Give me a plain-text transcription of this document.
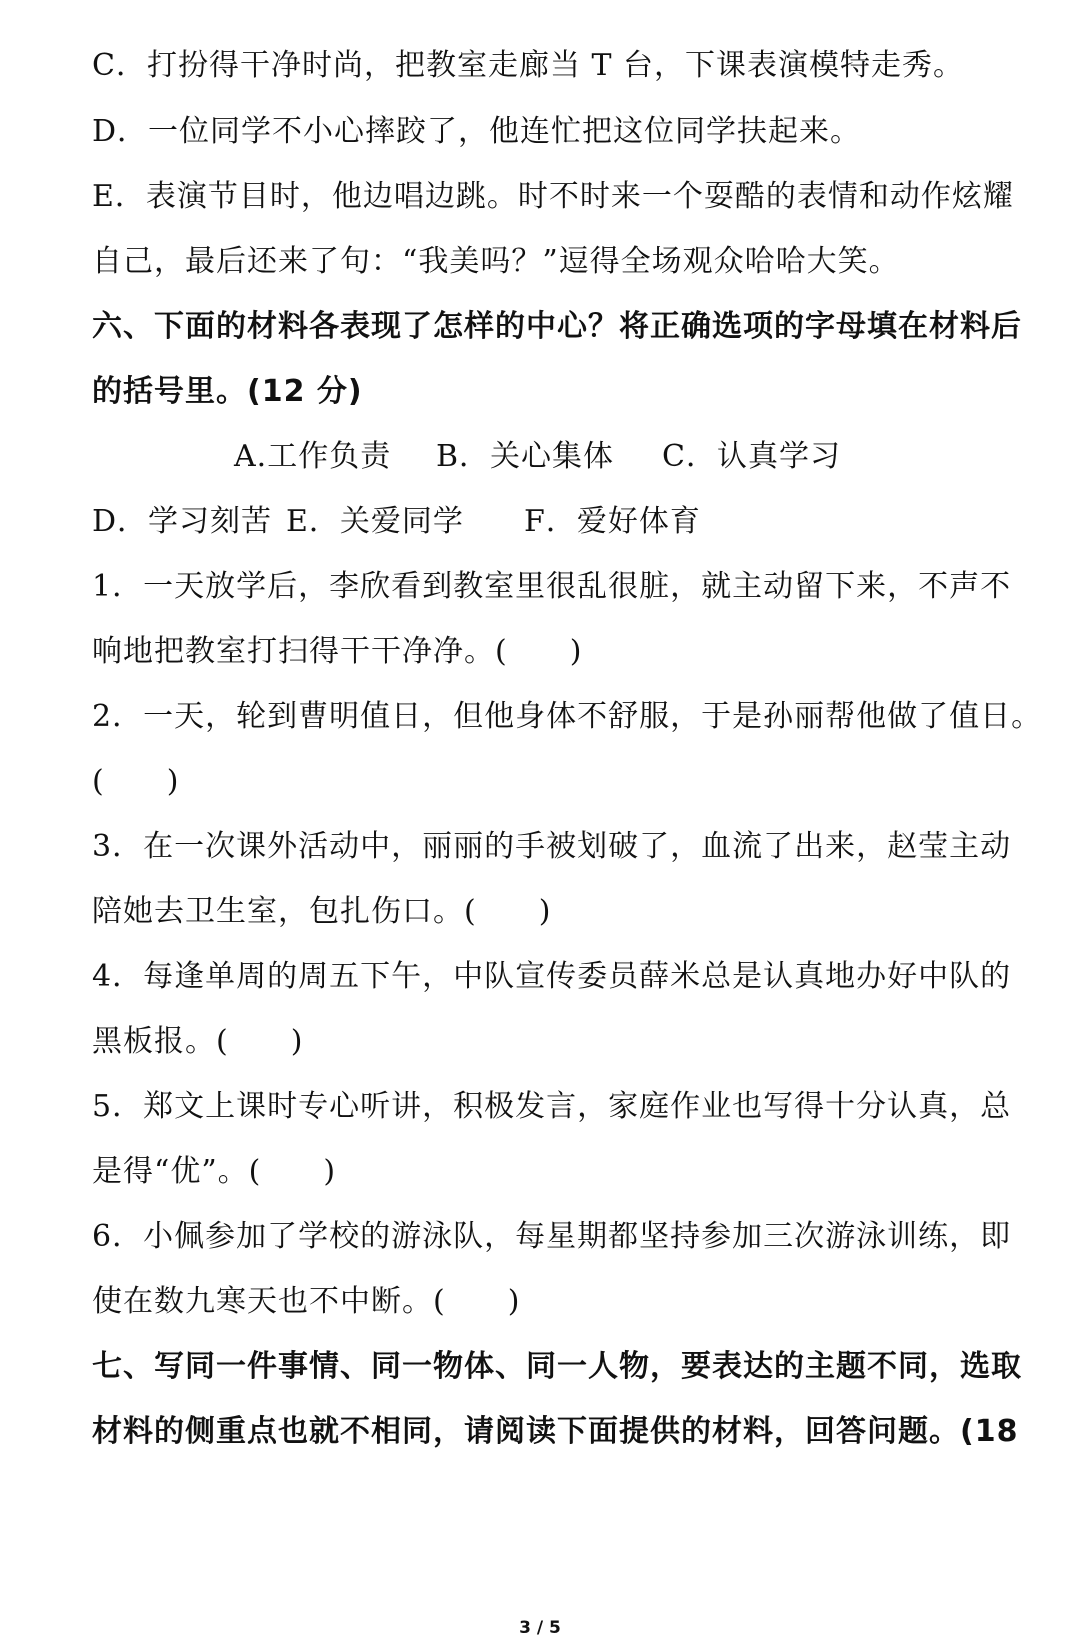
C．打扮得干净时尚，把教室走廊当 T 台，下课表演模特走秀。
D．一位同学不小心摔跤了，他连忙把这位同学扶起来。
E．表演节目时，他边唱边跳。时不时来一个耍酷的表情和动作炫耀
自己，最后还来了句：“我美吗？”逗得全场观众哈哈大笑。
六、下面的材料各表现了怎样的中心？将正确选项的字母填在材料后
的括号里。(12 分)
A.工作负责 B．关心集体 C．认真学习
D．学习刻苦 E．关爱同学 F．爱好体育
1．一天放学后，李欣看到教室里很乱很脏，就主动留下来，不声不
响地把教室打扫得干干净净。(　　)
2．一天，轮到曹明值日，但他身体不舒服，于是孙丽帮他做了值日。
(　　)
3．在一次课外活动中，丽丽的手被划破了，血流了出来，赵莹主动
陪她去卫生室，包扎伤口。(　　)
4．每逢单周的周五下午，中队宣传委员薛米总是认真地办好中队的
黑板报。(　　)
5．郑文上课时专心听讲，积极发言，家庭作业也写得十分认真，总
是得“优”。(　　)
6．小佩参加了学校的游泳队，每星期都坚持参加三次游泳训练，即
使在数九寒天也不中断。(　　)
七、写同一件事情、同一物体、同一人物，要表达的主题不同，选取
材料的侧重点也就不相同，请阅读下面提供的材料，回答问题。(18
3 / 5
